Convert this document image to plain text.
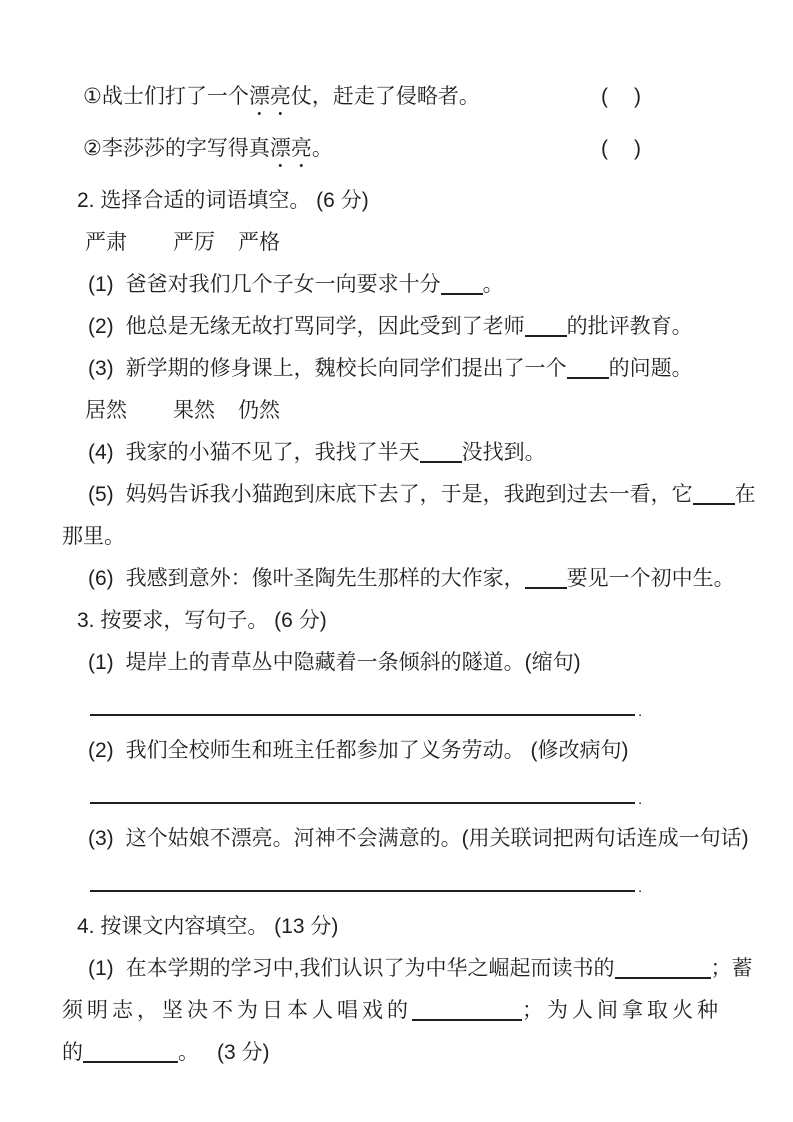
①战士们打了一个漂亮仗，赶走了侵略者。	( )
②李莎莎的字写得真漂亮。	( )
2. 选择合适的词语填空。 (6 分)
严肃 严厉 严格
(1) 爸爸对我们几个子女一向要求十分 。
(2) 他总是无缘无故打骂同学，因此受到了老师 的批评教育。
(3) 新学期的修身课上，魏校长向同学们提出了一个 的问题。
居然 果然 仍然
(4) 我家的小猫不见了，我找了半天 没找到。
(5) 妈妈告诉我小猫跑到床底下去了，于是，我跑到过去一看，它 在
那里。
(6) 我感到意外：像叶圣陶先生那样的大作家， 要见一个初中生。
3. 按要求，写句子。 (6 分)
(1) 堤岸上的青草丛中隐藏着一条倾斜的隧道。(缩句)
.
(2) 我们全校师生和班主任都参加了义务劳动。 (修改病句)
.
(3) 这个姑娘不漂亮。河神不会满意的。(用关联词把两句话连成一句话)
.
4. 按课文内容填空。 (13 分)
(1) 在本学期的学习中,我们认识了为中华之崛起而读书的	；蓄
须明志，坚决不为日本人唱戏的	；为人间拿取火种
的	。 (3 分)
